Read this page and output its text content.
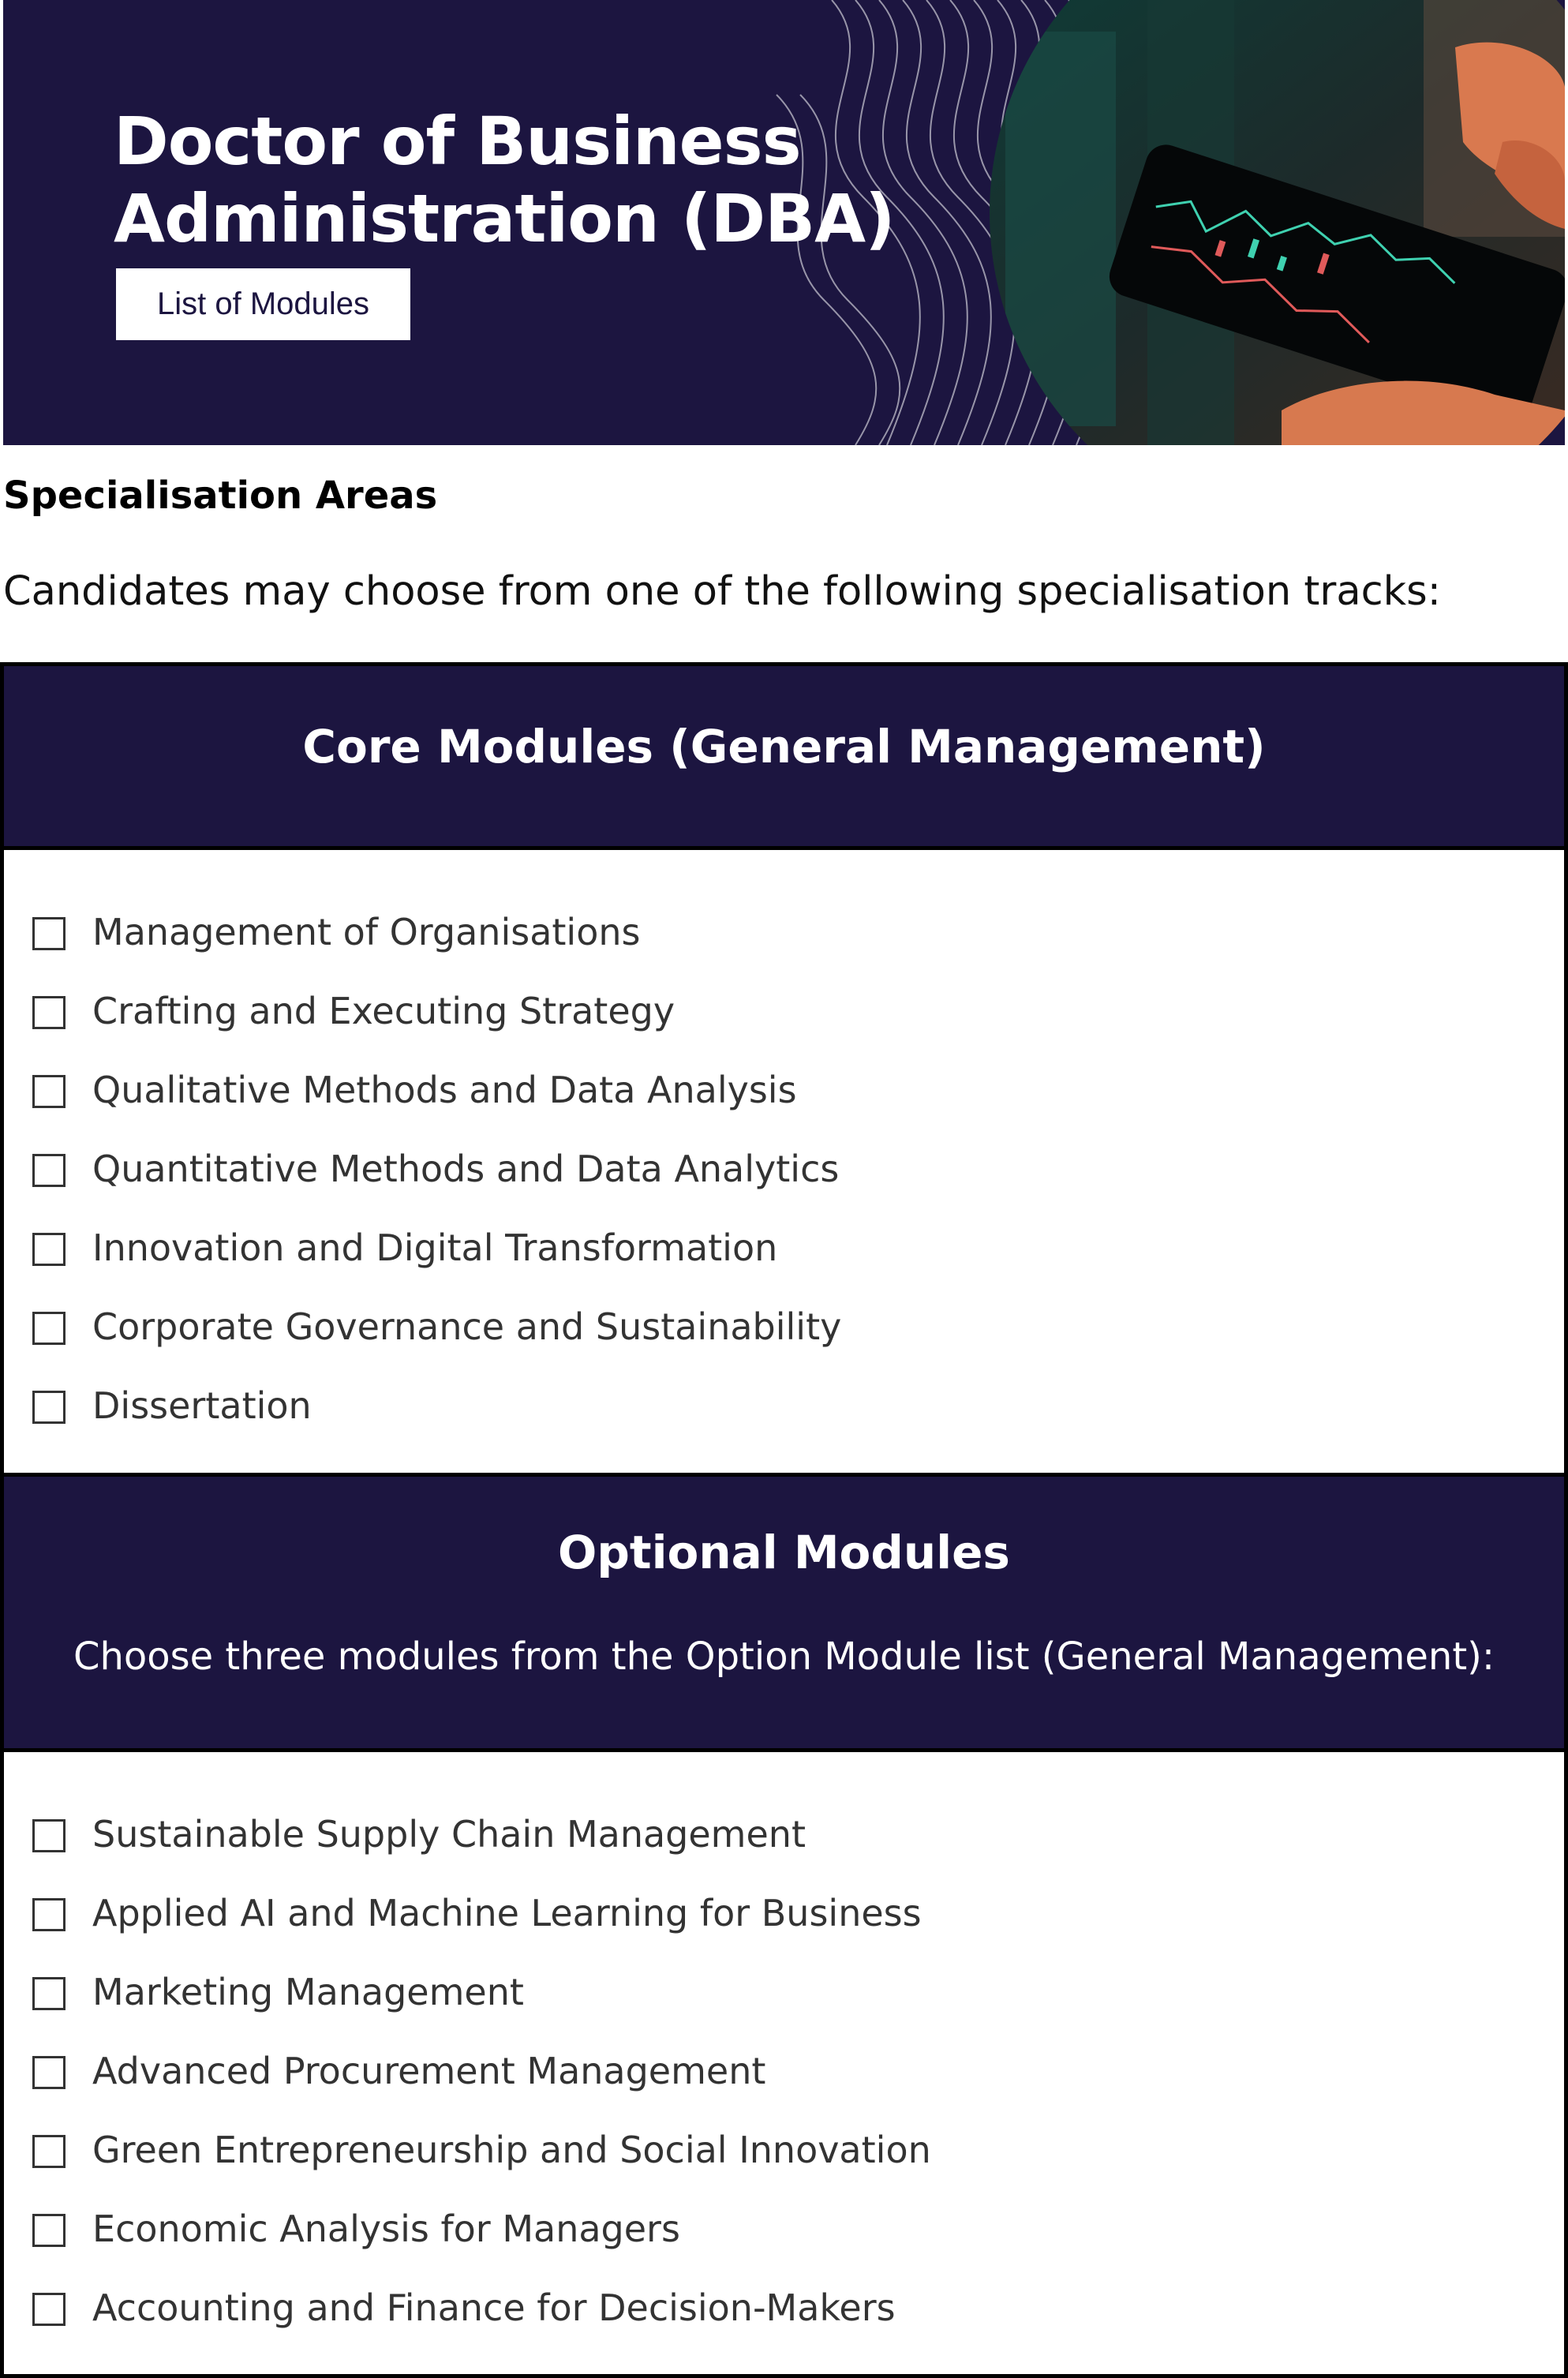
Doctor of Business
Administration (DBA)
List of Modules
Specialisation Areas
Candidates may choose from one of the following specialisation tracks:
Core Modules (General Management)
Management of Organisations
Crafting and Executing Strategy
Qualitative Methods and Data Analysis
Quantitative Methods and Data Analytics
Innovation and Digital Transformation
Corporate Governance and Sustainability
Dissertation
Optional Modules
Choose three modules from the Option Module list (General Management):
Sustainable Supply Chain Management
Applied AI and Machine Learning for Business
Marketing Management
Advanced Procurement Management
Green Entrepreneurship and Social Innovation
Economic Analysis for Managers
Accounting and Finance for Decision-Makers
